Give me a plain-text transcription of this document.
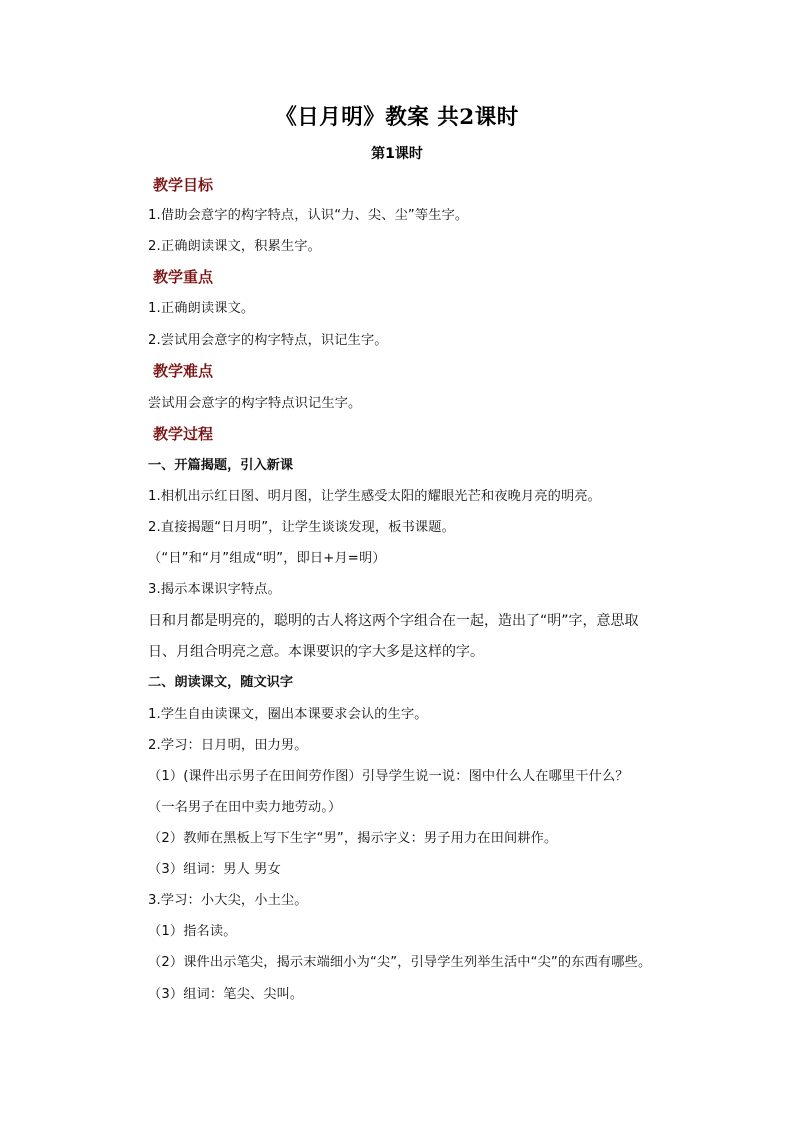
《日月明》教案 共2课时
第1课时
教学目标
1.借助会意字的构字特点，认识“力、尖、尘”等生字。
2.正确朗读课文，积累生字。
教学重点
1.正确朗读课文。
2.尝试用会意字的构字特点，识记生字。
教学难点
尝试用会意字的构字特点识记生字。
教学过程
一、开篇揭题，引入新课
1.相机出示红日图、明月图，让学生感受太阳的耀眼光芒和夜晚月亮的明亮。
2.直接揭题“日月明”，让学生谈谈发现，板书课题。
（“日”和“月”组成“明”，即日+月=明）
3.揭示本课识字特点。
日和月都是明亮的，聪明的古人将这两个字组合在一起，造出了“明”字，意思取日、月组合明亮之意。本课要识的字大多是这样的字。
二、朗读课文，随文识字
1.学生自由读课文，圈出本课要求会认的生字。
2.学习：日月明，田力男。
（1）(课件出示男子在田间劳作图）引导学生说一说：图中什么人在哪里干什么？
（一名男子在田中卖力地劳动。）
（2）教师在黑板上写下生字“男”，揭示字义：男子用力在田间耕作。
（3）组词：男人 男女
3.学习：小大尖，小土尘。
（1）指名读。
（2）课件出示笔尖，揭示末端细小为“尖”，引导学生列举生活中“尖”的东西有哪些。
（3）组词：笔尖、尖叫。
